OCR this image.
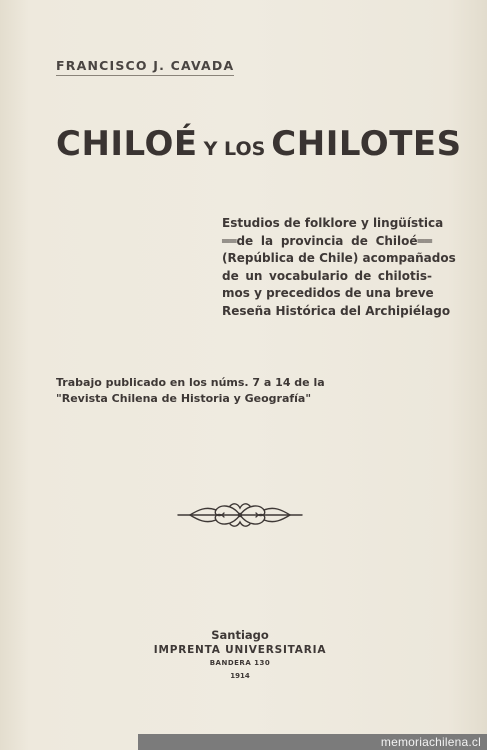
FRANCISCO J. CAVADA
CHILOÉ Y LOS CHILOTES
Estudios de folklore y lingüística
══de la provincia de Chiloé══
(República de Chile) acompañados
de un vocabulario de chilotis-
mos y precedidos de una breve
Reseña Histórica del Archipiélago
Trabajo publicado en los núms. 7 a 14 de la
"Revista Chilena de Historia y Geografía"
Santiago
IMPRENTA UNIVERSITARIA
BANDERA 130
1914
memoriachilena.cl
